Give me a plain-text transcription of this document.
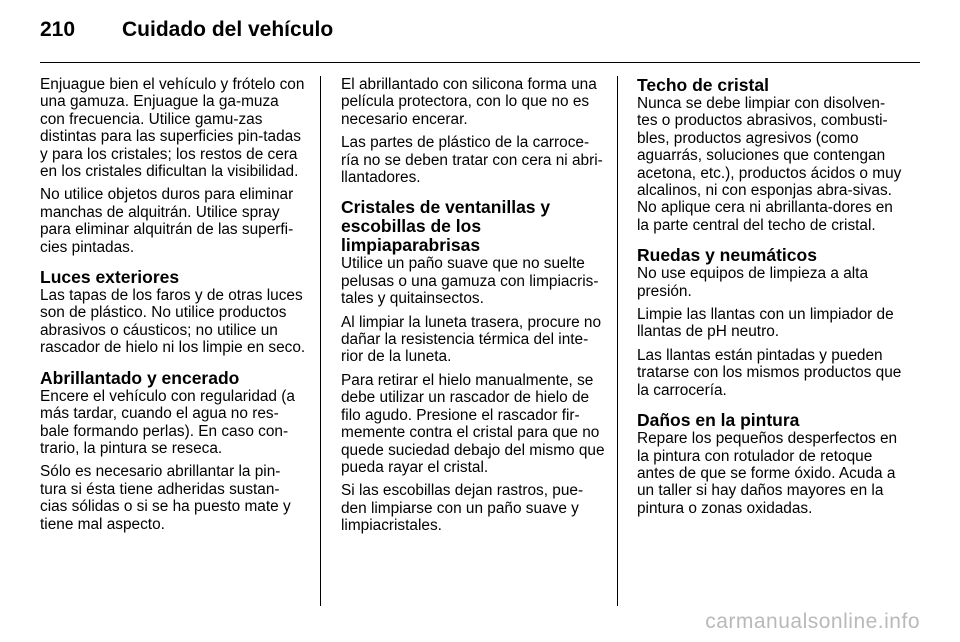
210	Cuidado del vehículo

Enjuague bien el vehículo y frótelo con una gamuza. Enjuague la ga-muza con frecuencia. Utilice gamu-zas distintas para las superficies pin-tadas y para los cristales; los restos de cera en los cristales dificultan la visibilidad.

No utilice objetos duros para eliminar manchas de alquitrán. Utilice spray para eliminar alquitrán de las superfi-cies pintadas.

Luces exteriores

Las tapas de los faros y de otras luces son de plástico. No utilice productos abrasivos o cáusticos; no utilice un rascador de hielo ni los limpie en seco.

Abrillantado y encerado

Encere el vehículo con regularidad (a más tardar, cuando el agua no res-bale formando perlas). En caso con-trario, la pintura se reseca.

Sólo es necesario abrillantar la pin-tura si ésta tiene adheridas sustan-cias sólidas o si se ha puesto mate y tiene mal aspecto.

El abrillantado con silicona forma una película protectora, con lo que no es necesario encerar.

Las partes de plástico de la carroce-ría no se deben tratar con cera ni abri-llantadores.

Cristales de ventanillas y escobillas de los limpiaparabrisas

Utilice un paño suave que no suelte pelusas o una gamuza con limpiacris-tales y quitainsectos.

Al limpiar la luneta trasera, procure no dañar la resistencia térmica del inte-rior de la luneta.

Para retirar el hielo manualmente, se debe utilizar un rascador de hielo de filo agudo. Presione el rascador fir-memente contra el cristal para que no quede suciedad debajo del mismo que pueda rayar el cristal.

Si las escobillas dejan rastros, pue-den limpiarse con un paño suave y limpiacristales.

Techo de cristal

Nunca se debe limpiar con disolven-tes o productos abrasivos, combusti-bles, productos agresivos (como aguarrás, soluciones que contengan acetona, etc.), productos ácidos o muy alcalinos, ni con esponjas abra-sivas. No aplique cera ni abrillanta-dores en la parte central del techo de cristal.

Ruedas y neumáticos

No use equipos de limpieza a alta presión.

Limpie las llantas con un limpiador de llantas de pH neutro.

Las llantas están pintadas y pueden tratarse con los mismos productos que la carrocería.

Daños en la pintura

Repare los pequeños desperfectos en la pintura con rotulador de retoque antes de que se forme óxido. Acuda a un taller si hay daños mayores en la pintura o zonas oxidadas.

carmanualsonline.info
